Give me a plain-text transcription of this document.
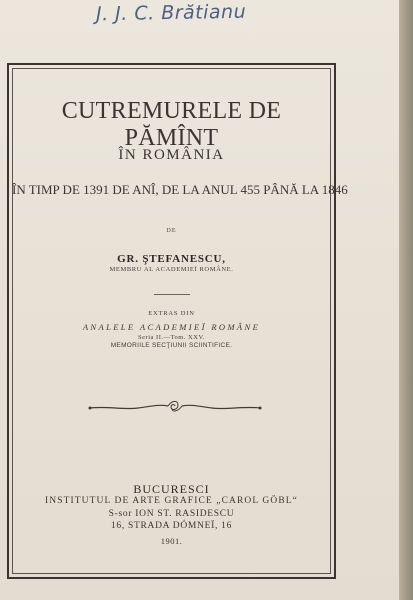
J. J. C. Brătianu
CUTREMURELE DE PĂMÎNT
ÎN ROMÂNIA
ÎN TIMP DE 1391 DE ANÎ, DE LA ANUL 455 PÂNĂ LA 1846
DE
GR. ŞTEFANESCU,
MEMBRU AL ACADEMIEÏ ROMÂNE.
EXTRAS DIN
ANALELE ACADEMIEÏ ROMÂNE
Seria II.—Tom. XXV.
MEMORIILE SECŢIUNII SCIINTIFICE.
BUCURESCI
INSTITUTUL DE ARTE GRAFICE „CAROL GÖBL“
S-sor ION ST. RASIDESCU
16, STRADA DÓMNEÏ, 16
1901.
